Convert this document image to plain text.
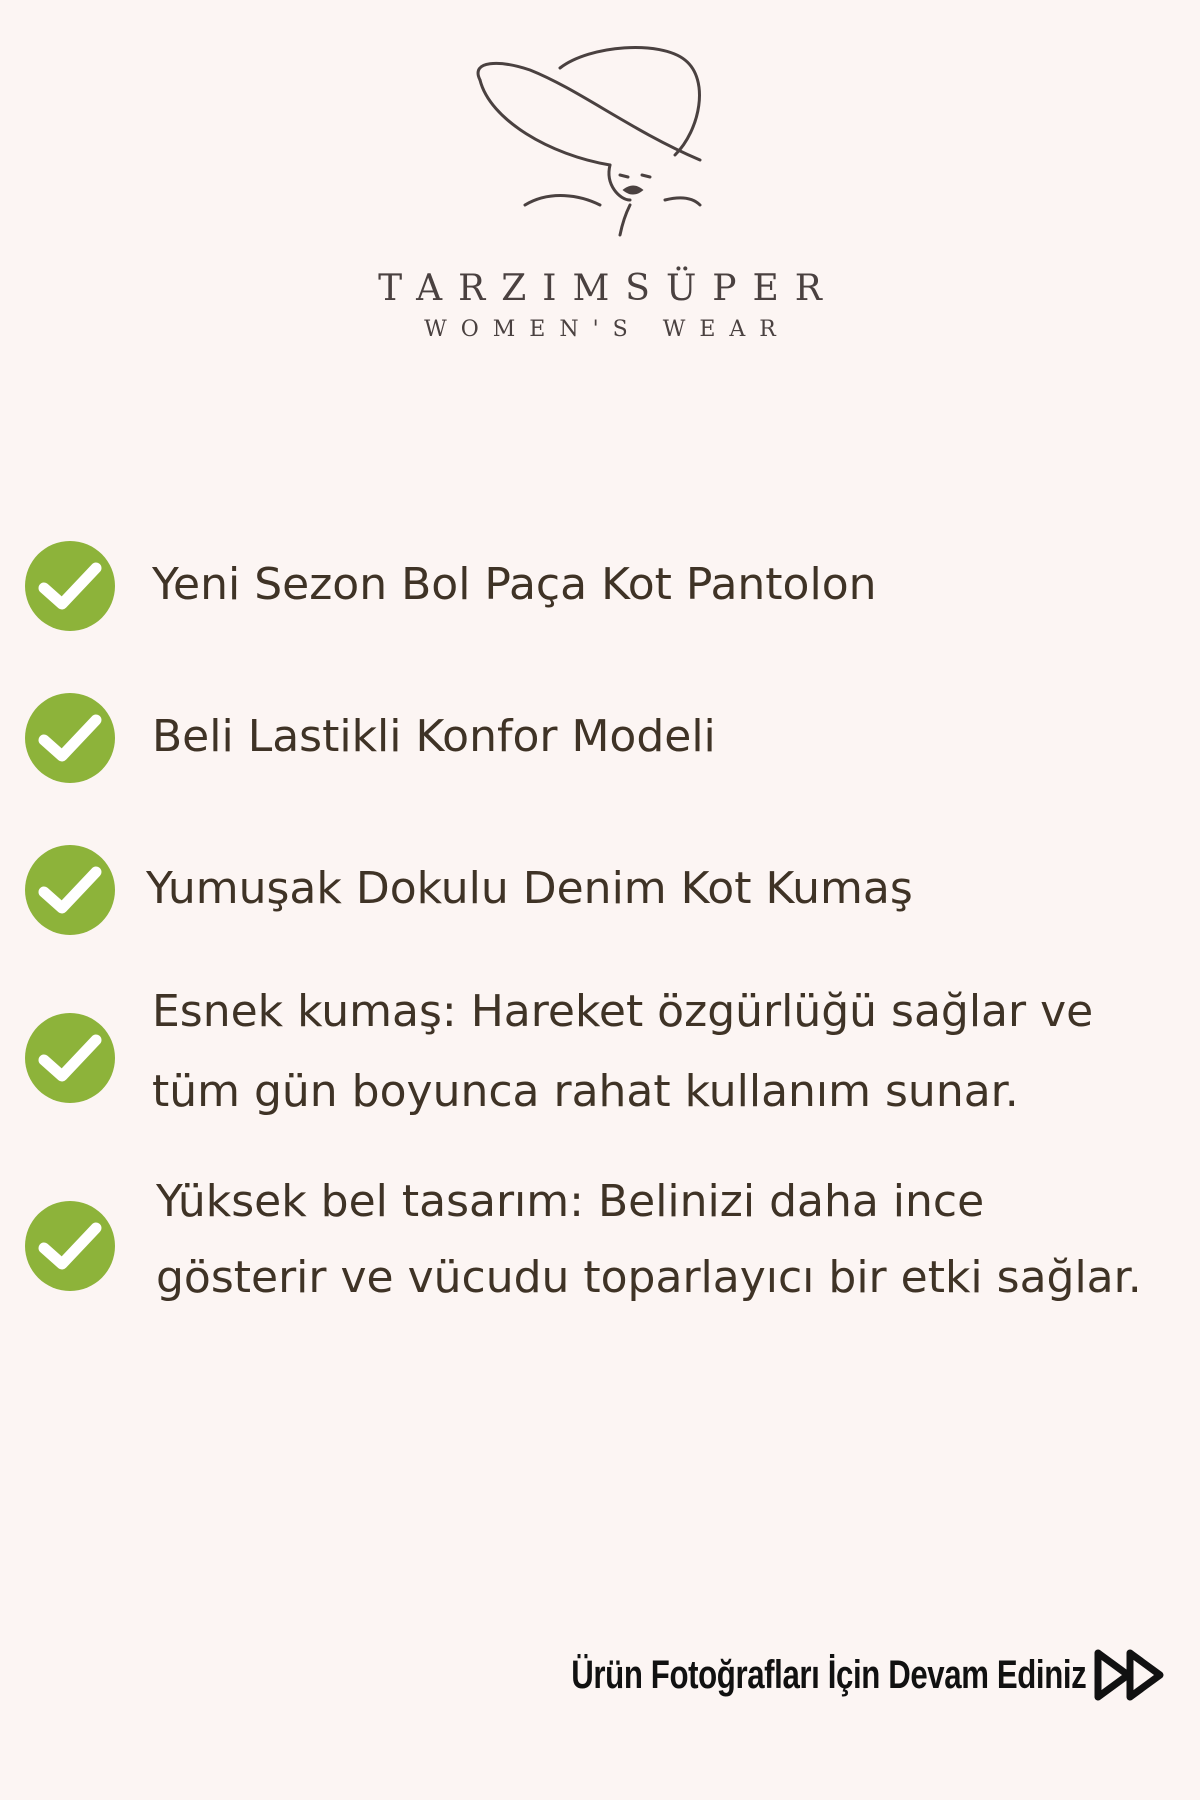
TARZIMSÜPER
WOMEN'S WEAR
Yeni Sezon Bol Paça Kot Pantolon
Beli Lastikli Konfor Modeli
Yumuşak Dokulu Denim Kot Kumaş
Esnek kumaş: Hareket özgürlüğü sağlar ve tüm gün boyunca rahat kullanım sunar.
Yüksek bel tasarım: Belinizi daha ince gösterir ve vücudu toparlayıcı bir etki sağlar.
Ürün Fotoğrafları İçin Devam Ediniz
